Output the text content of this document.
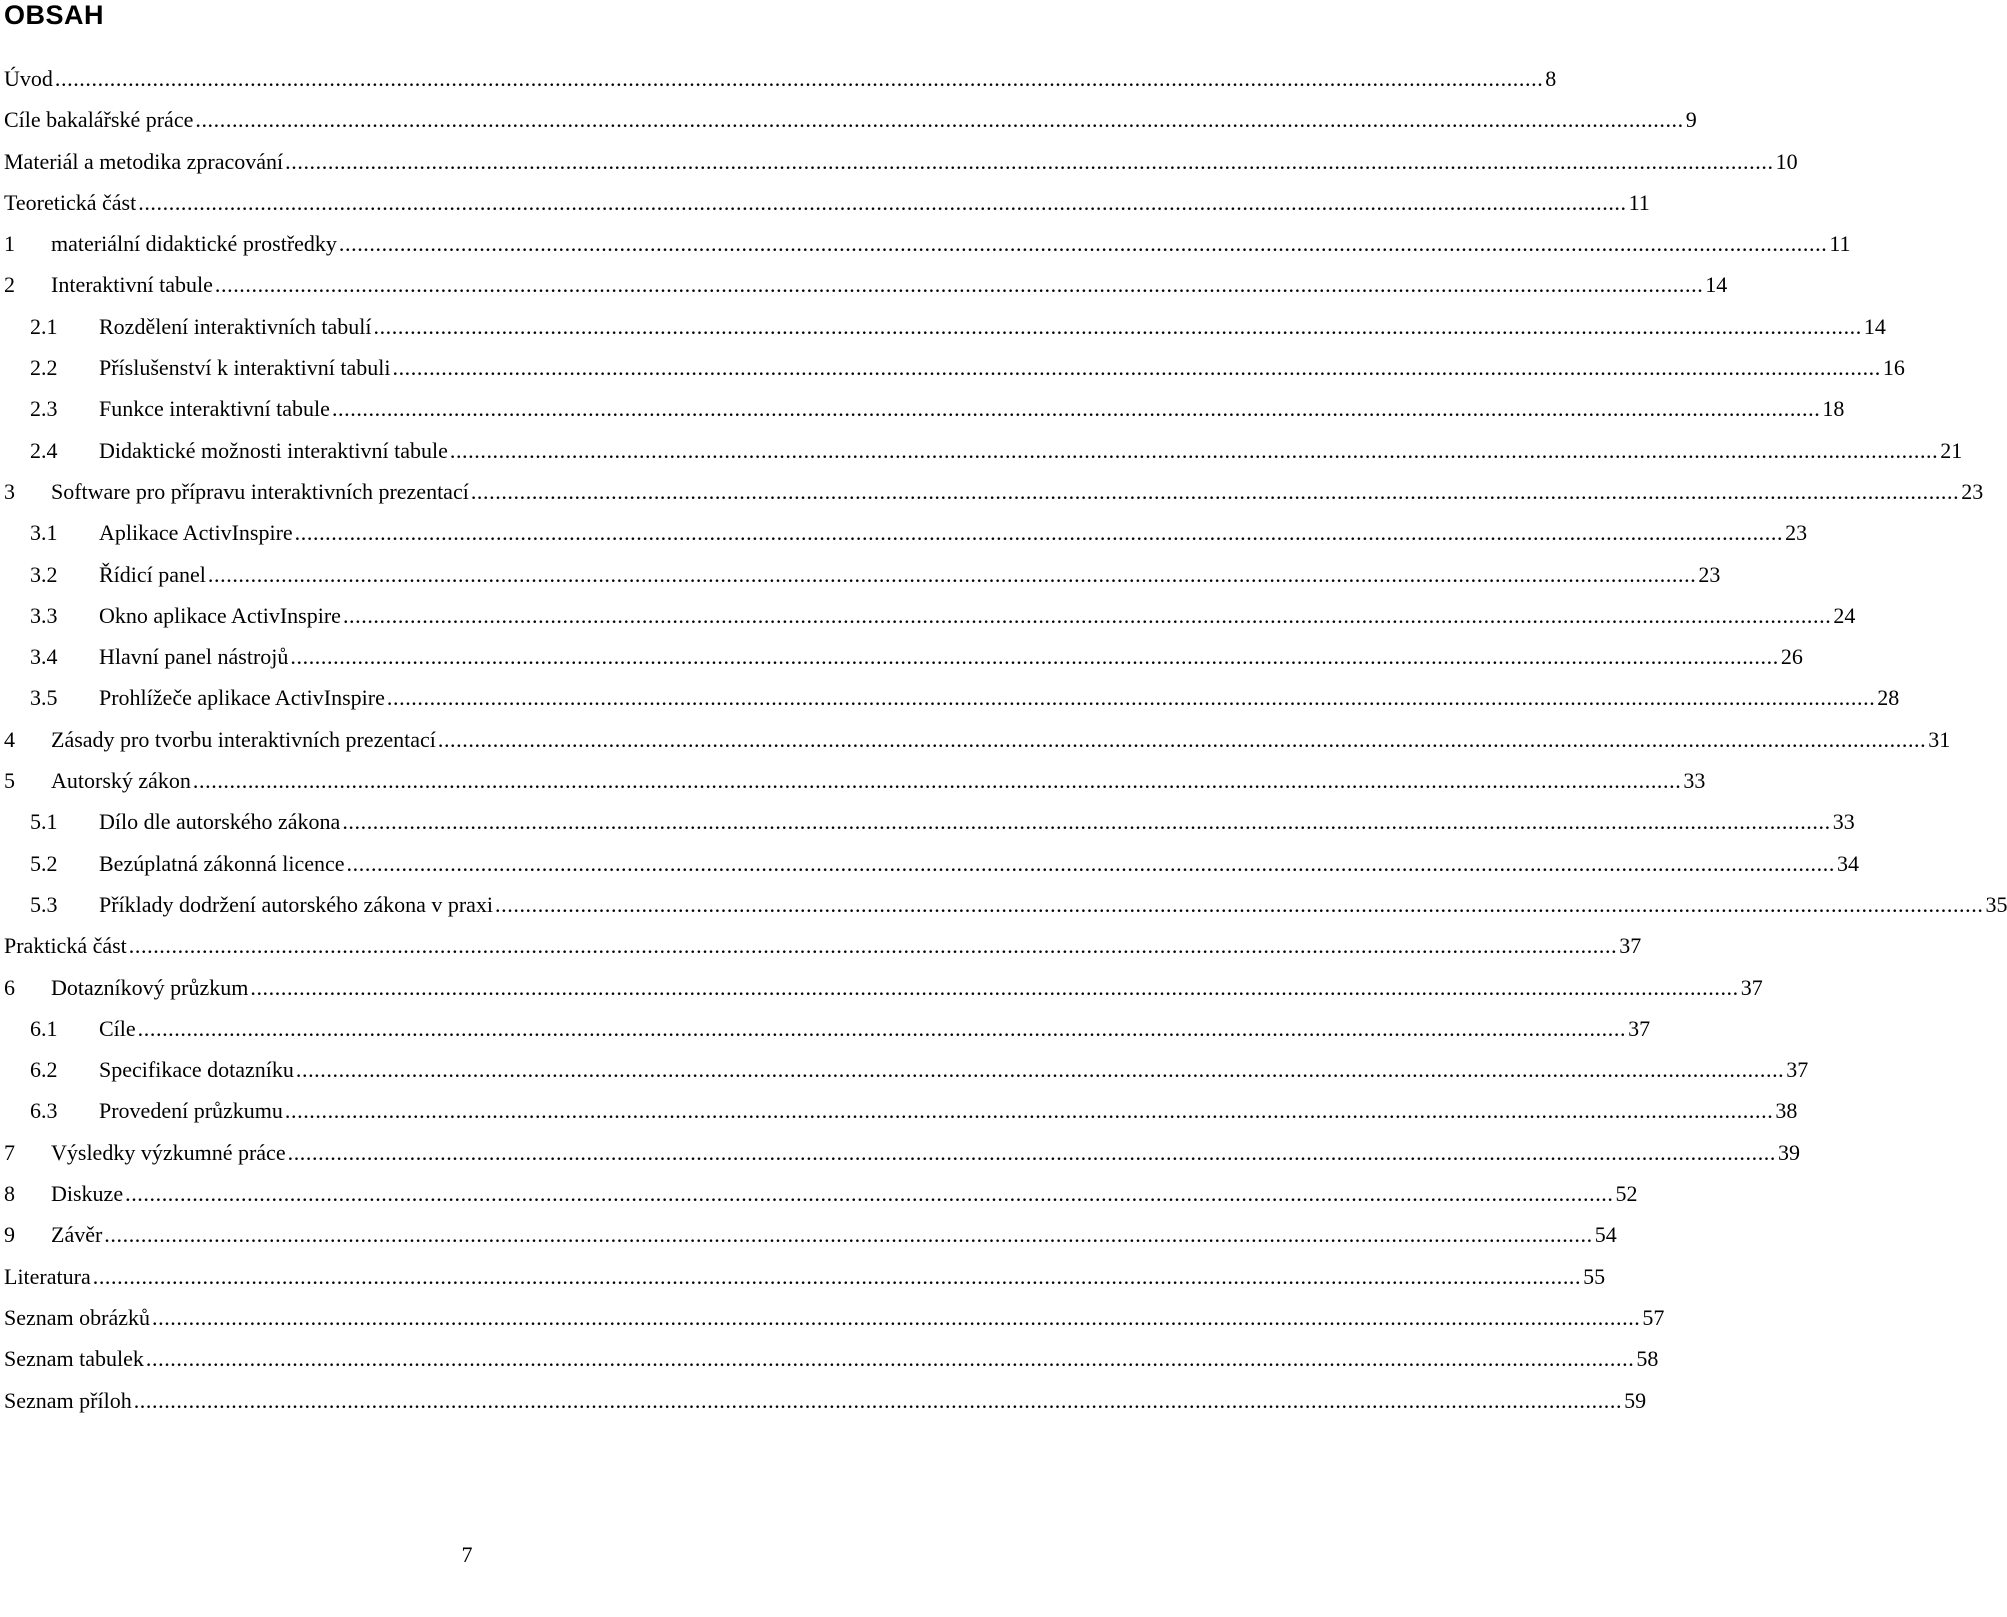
OBSAH
Úvod .....	8
Cíle bakalářské práce .....	9
Materiál a metodika zpracování .....	10
Teoretická část .....	11
1	materiální didaktické prostředky .....	11
2	Interaktivní tabule .....	14
2.1	Rozdělení interaktivních tabulí .....	14
2.2	Příslušenství k interaktivní tabuli .....	16
2.3	Funkce interaktivní tabule .....	18
2.4	Didaktické možnosti interaktivní tabule .....	21
3	Software pro přípravu interaktivních prezentací .....	23
3.1	Aplikace ActivInspire .....	23
3.2	Řídicí panel .....	23
3.3	Okno aplikace ActivInspire .....	24
3.4	Hlavní panel nástrojů .....	26
3.5	Prohlížeče aplikace ActivInspire .....	28
4	Zásady pro tvorbu interaktivních prezentací .....	31
5	Autorský zákon .....	33
5.1	Dílo dle autorského zákona .....	33
5.2	Bezúplatná zákonná licence .....	34
5.3	Příklady dodržení autorského zákona v praxi .....	35
Praktická část .....	37
6	Dotazníkový průzkum .....	37
6.1	Cíle .....	37
6.2	Specifikace dotazníku .....	37
6.3	Provedení průzkumu .....	38
7	Výsledky výzkumné práce .....	39
8	Diskuze .....	52
9	Závěr .....	54
Literatura .....	55
Seznam obrázků .....	57
Seznam tabulek .....	58
Seznam příloh .....	59
7
